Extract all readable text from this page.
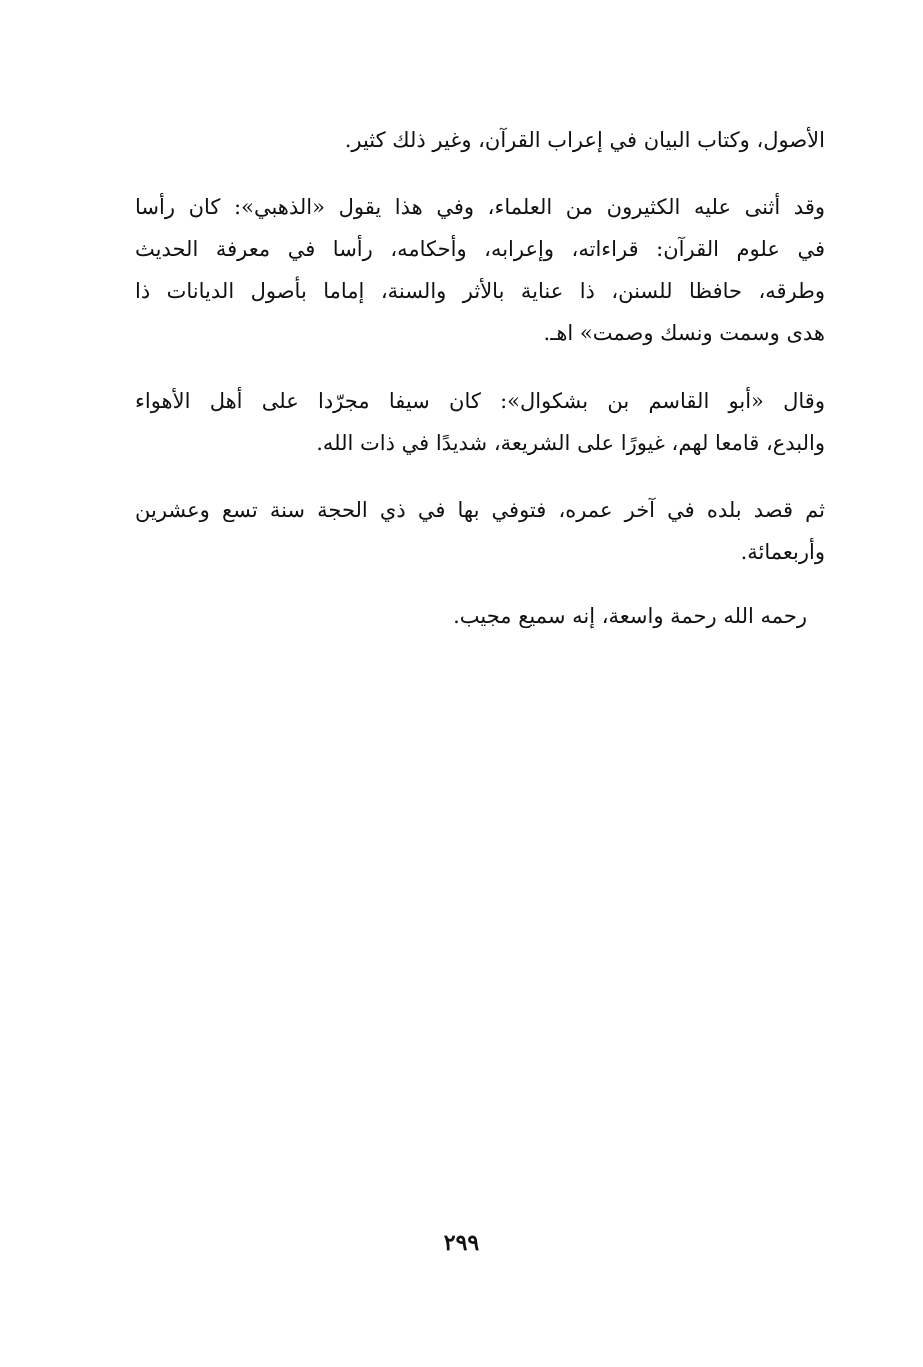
الأصول، وكتاب البيان في إعراب القرآن، وغير ذلك كثير.
وقد أثنى عليه الكثيرون من العلماء، وفي هذا يقول «الذهبي»: كان رأسا
في علوم القرآن: قراءاته، وإعرابه، وأحكامه، رأسا في معرفة الحديث
وطرقه، حافظا للسنن، ذا عناية بالأثر والسنة، إماما بأصول الديانات ذا
هدى وسمت ونسك وصمت» اهـ.
وقال «أبو القاسم بن بشكوال»: كان سيفا مجرّدا على أهل الأهواء
والبدع، قامعا لهم، غيورًا على الشريعة، شديدًا في ذات الله.
ثم قصد بلده في آخر عمره، فتوفي بها في ذي الحجة سنة تسع وعشرين
وأربعمائة.
رحمه الله رحمة واسعة، إنه سميع مجيب.
٢٩٩
